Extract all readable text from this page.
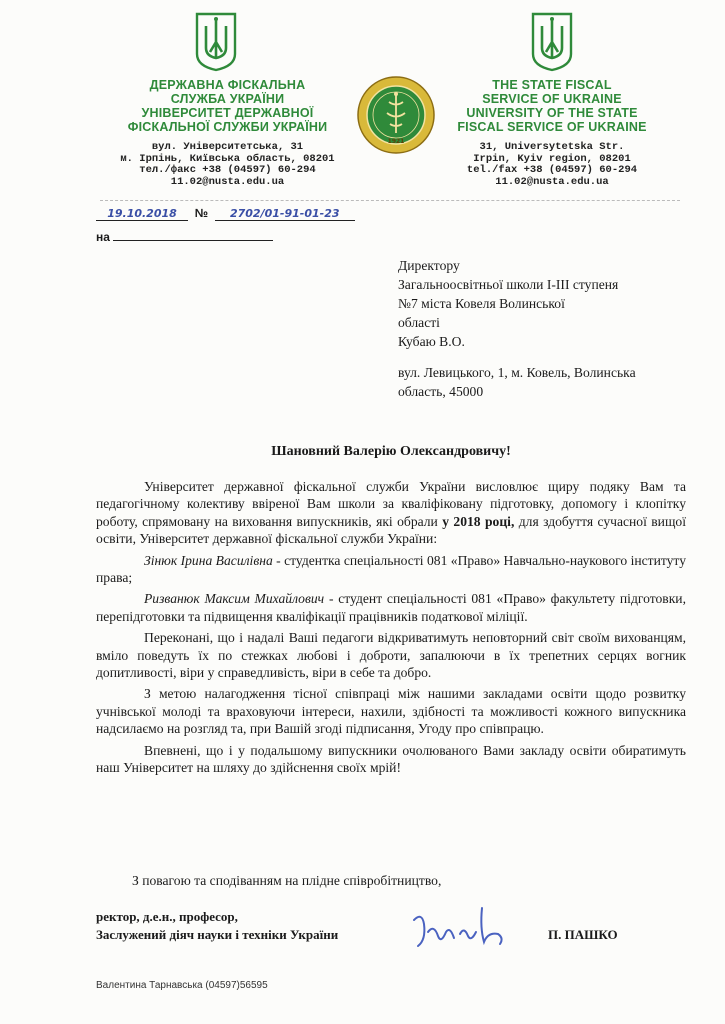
ДЕРЖАВНА ФІСКАЛЬНА
СЛУЖБА УКРАЇНИ
УНІВЕРСИТЕТ ДЕРЖАВНОЇ
ФІСКАЛЬНОЇ СЛУЖБИ УКРАЇНИ
вул. Університетська, 31
м. Ірпінь, Київська область, 08201
тел./факс +38 (04597) 60-294
11.02@nusta.edu.ua
1921
THE STATE FISCAL
SERVICE OF UKRAINE
UNIVERSITY OF THE STATE
FISCAL SERVICE OF UKRAINE
31, Universytetska Str.
Irpin, Kyiv region, 08201
tel./fax +38 (04597) 60-294
11.02@nusta.edu.ua
19.10.2018 № 2702/01-91-01-23
на
Директору
Загальноосвітньої школи І-ІІІ ступеня
№7 міста Ковеля Волинської
області
Кубаю В.О.
вул. Левицького, 1, м. Ковель, Волинська
область, 45000
Шановний Валерію Олександровичу!

Університет державної фіскальної служби України висловлює щиру подяку Вам та педагогічному колективу ввіреної Вам школи за кваліфіковану підготовку, допомогу і клопітку роботу, спрямовану на виховання випускників, які обрали у 2018 році, для здобуття сучасної вищої освіти, Університет державної фіскальної служби України:

Зінюк Ірина Василівна - студентка спеціальності 081 «Право» Навчально-наукового інституту права;

Ризванюк Максим Михайлович - студент спеціальності 081 «Право» факультету підготовки, перепідготовки та підвищення кваліфікації працівників податкової міліції.

Переконані, що і надалі Ваші педагоги відкриватимуть неповторний світ своїм вихованцям, вміло поведуть їх по стежках любові і доброти, запалюючи в їх трепетних серцях вогник допитливості, віри у справедливість, віри в себе та добро.

З метою налагодження тісної співпраці між нашими закладами освіти щодо розвитку учнівської молоді та враховуючи інтереси, нахили, здібності та можливості кожного випускника надсилаємо на розгляд та, при Вашій згоді підписання, Угоду про співпрацю.

Впевнені, що і у подальшому випускники очолюваного Вами закладу освіти обиратимуть наш Університет на шляху до здійснення своїх мрій!

З повагою та сподіванням на плідне співробітництво,
ректор, д.е.н., професор,
Заслужений діяч науки і техніки України	П. ПАШКО
Валентина Тарнавська (04597)56595
